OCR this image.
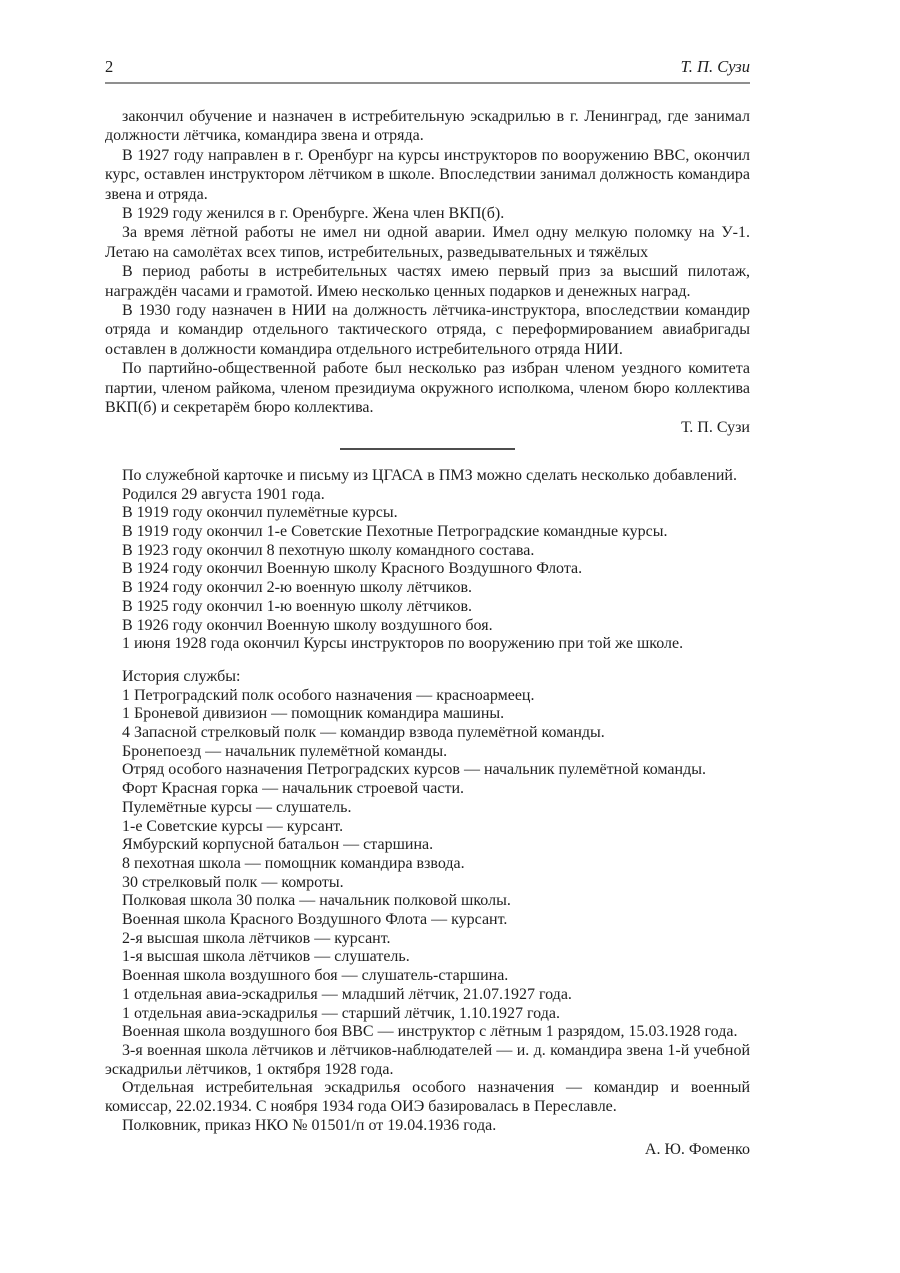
2	Т. П. Сузи

закончил обучение и назначен в истребительную эскадрилью в г. Ленинград, где занимал должности лётчика, командира звена и отряда.

В 1927 году направлен в г. Оренбург на курсы инструкторов по вооружению ВВС, окончил курс, оставлен инструктором лётчиком в школе. Впоследствии занимал должность командира звена и отряда.

В 1929 году женился в г. Оренбурге. Жена член ВКП(б).

За время лётной работы не имел ни одной аварии. Имел одну мелкую поломку на У-1. Летаю на самолётах всех типов, истребительных, разведывательных и тяжёлых

В период работы в истребительных частях имею первый приз за высший пилотаж, награждён часами и грамотой. Имею несколько ценных подарков и денежных наград.

В 1930 году назначен в НИИ на должность лётчика-инструктора, впоследствии командир отряда и командир отдельного тактического отряда, с переформированием авиабригады оставлен в должности командира отдельного истребительного отряда НИИ.

По партийно-общественной работе был несколько раз избран членом уездного комитета партии, членом райкома, членом президиума окружного исполкома, членом бюро коллектива ВКП(б) и секретарём бюро коллектива.

Т. П. Сузи

По служебной карточке и письму из ЦГАСА в ПМЗ можно сделать несколько добавлений.

Родился 29 августа 1901 года.

В 1919 году окончил пулемётные курсы.

В 1919 году окончил 1-е Советские Пехотные Петроградские командные курсы.

В 1923 году окончил 8 пехотную школу командного состава.

В 1924 году окончил Военную школу Красного Воздушного Флота.

В 1924 году окончил 2-ю военную школу лётчиков.

В 1925 году окончил 1-ю военную школу лётчиков.

В 1926 году окончил Военную школу воздушного боя.

1 июня 1928 года окончил Курсы инструкторов по вооружению при той же школе.

История службы:

1 Петроградский полк особого назначения — красноармеец.

1 Броневой дивизион — помощник командира машины.

4 Запасной стрелковый полк — командир взвода пулемётной команды.

Бронепоезд — начальник пулемётной команды.

Отряд особого назначения Петроградских курсов — начальник пулемётной команды.

Форт Красная горка — начальник строевой части.

Пулемётные курсы — слушатель.

1-е Советские курсы — курсант.

Ямбурский корпусной батальон — старшина.

8 пехотная школа — помощник командира взвода.

30 стрелковый полк — комроты.

Полковая школа 30 полка — начальник полковой школы.

Военная школа Красного Воздушного Флота — курсант.

2-я высшая школа лётчиков — курсант.

1-я высшая школа лётчиков — слушатель.

Военная школа воздушного боя — слушатель-старшина.

1 отдельная авиа-эскадрилья — младший лётчик, 21.07.1927 года.

1 отдельная авиа-эскадрилья — старший лётчик, 1.10.1927 года.

Военная школа воздушного боя ВВС — инструктор с лётным 1 разрядом, 15.03.1928 года.

3-я военная школа лётчиков и лётчиков-наблюдателей — и. д. командира звена 1-й учебной эскадрильи лётчиков, 1 октября 1928 года.

Отдельная истребительная эскадрилья особого назначения — командир и военный комиссар, 22.02.1934. С ноября 1934 года ОИЭ базировалась в Переславле.

Полковник, приказ НКО № 01501/п от 19.04.1936 года.

А. Ю. Фоменко
